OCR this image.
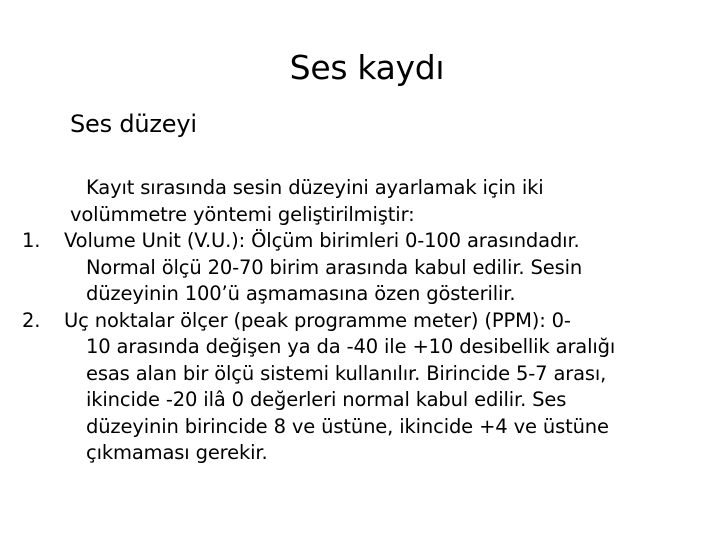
Ses kaydı
Ses düzeyi

Kayıt sırasında sesin düzeyini ayarlamak için iki
volümmetre yöntemi geliştirilmiştir:

1.	Volume Unit (V.U.): Ölçüm birimleri 0-100 arasındadır.
Normal ölçü 20-70 birim arasında kabul edilir. Sesin
düzeyinin 100’ü aşmamasına özen gösterilir.
2.	Uç noktalar ölçer (peak programme meter) (PPM): 0-
10 arasında değişen ya da -40 ile +10 desibellik aralığı
esas alan bir ölçü sistemi kullanılır. Birincide 5-7 arası,
ikincide -20 ilâ 0 değerleri normal kabul edilir. Ses
düzeyinin birincide 8 ve üstüne, ikincide +4 ve üstüne
çıkmaması gerekir.
